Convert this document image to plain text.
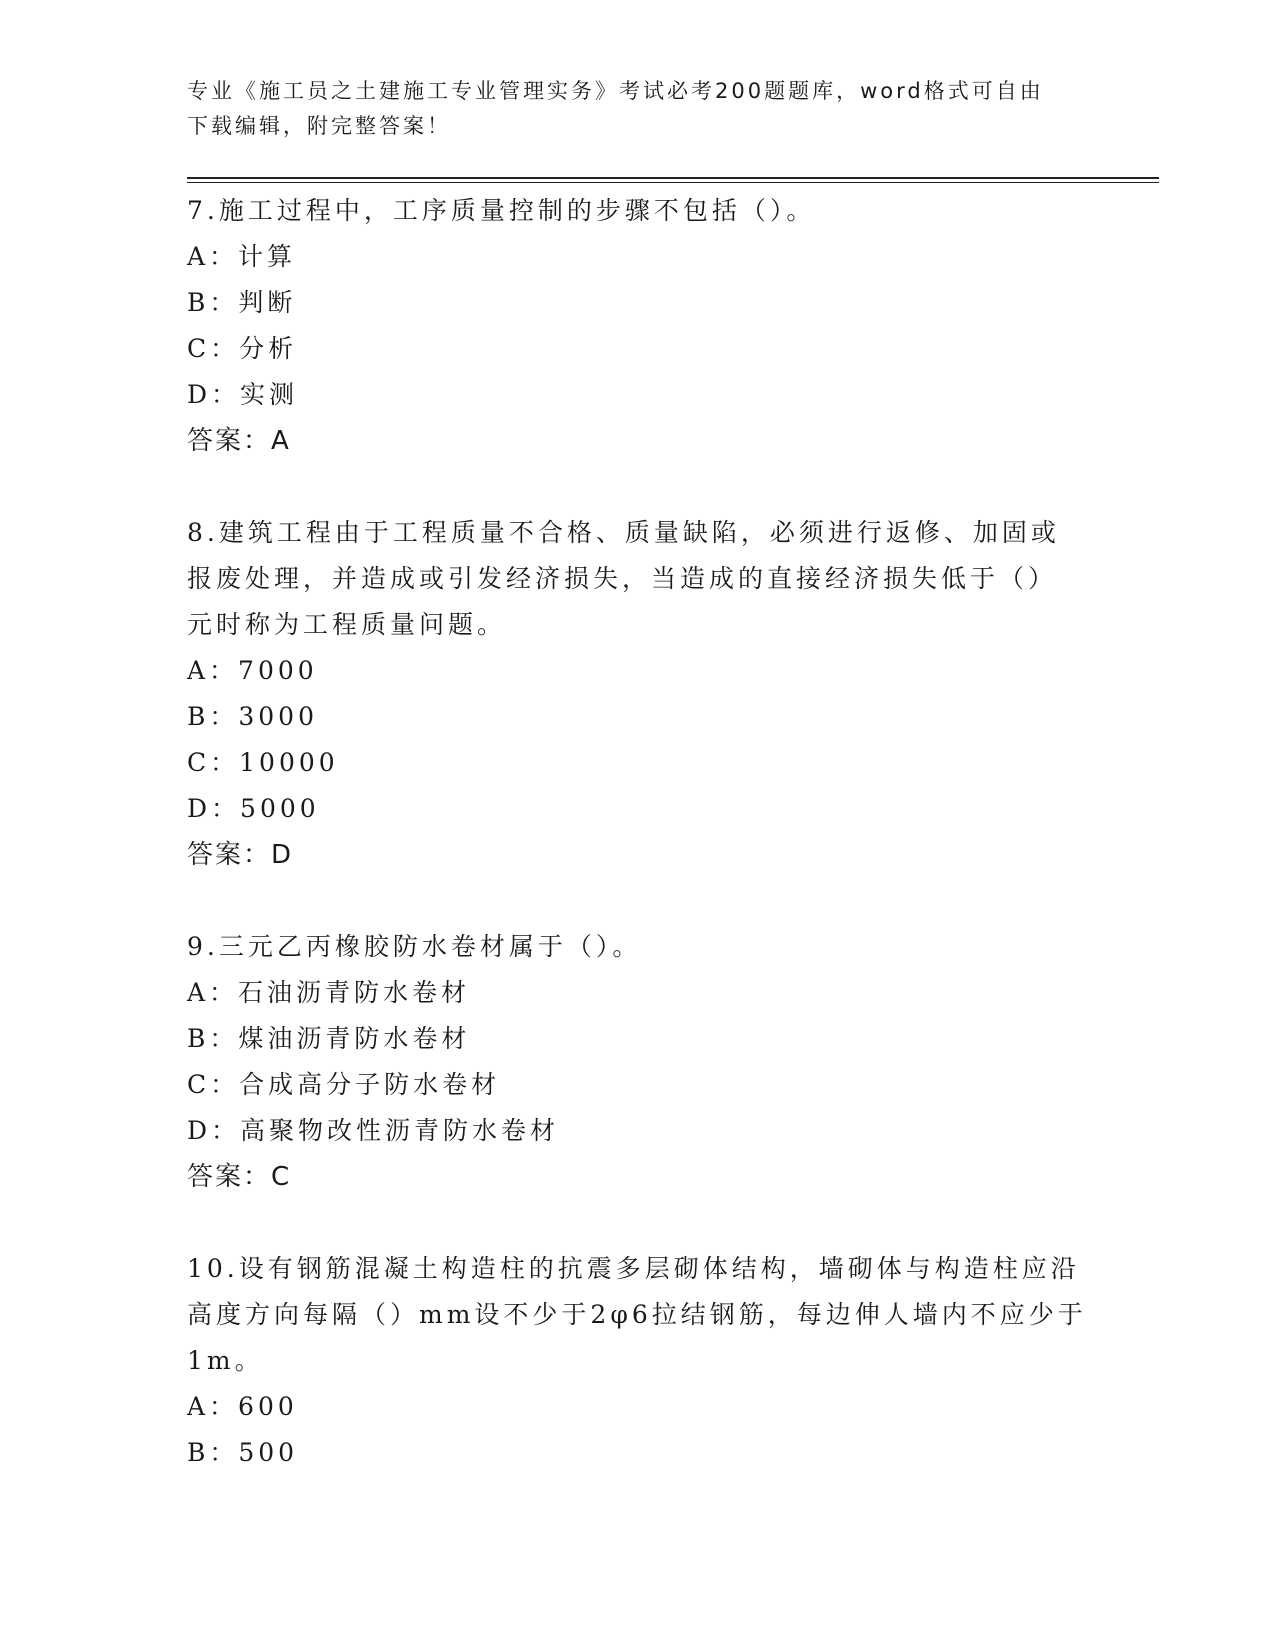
专业《施工员之土建施工专业管理实务》考试必考200题题库，word格式可自由
下载编辑，附完整答案！
7.施工过程中，工序质量控制的步骤不包括（）。
A：计算
B：判断
C：分析
D：实测
答案：A
8.建筑工程由于工程质量不合格、质量缺陷，必须进行返修、加固或
报废处理，并造成或引发经济损失，当造成的直接经济损失低于（）
元时称为工程质量问题。
A：7000
B：3000
C：10000
D：5000
答案：D
9.三元乙丙橡胶防水卷材属于（）。
A：石油沥青防水卷材
B：煤油沥青防水卷材
C：合成高分子防水卷材
D：高聚物改性沥青防水卷材
答案：C
10.设有钢筋混凝土构造柱的抗震多层砌体结构，墙砌体与构造柱应沿
高度方向每隔（）mm设不少于2φ6拉结钢筋，每边伸人墙内不应少于
1m。
A：600
B：500
